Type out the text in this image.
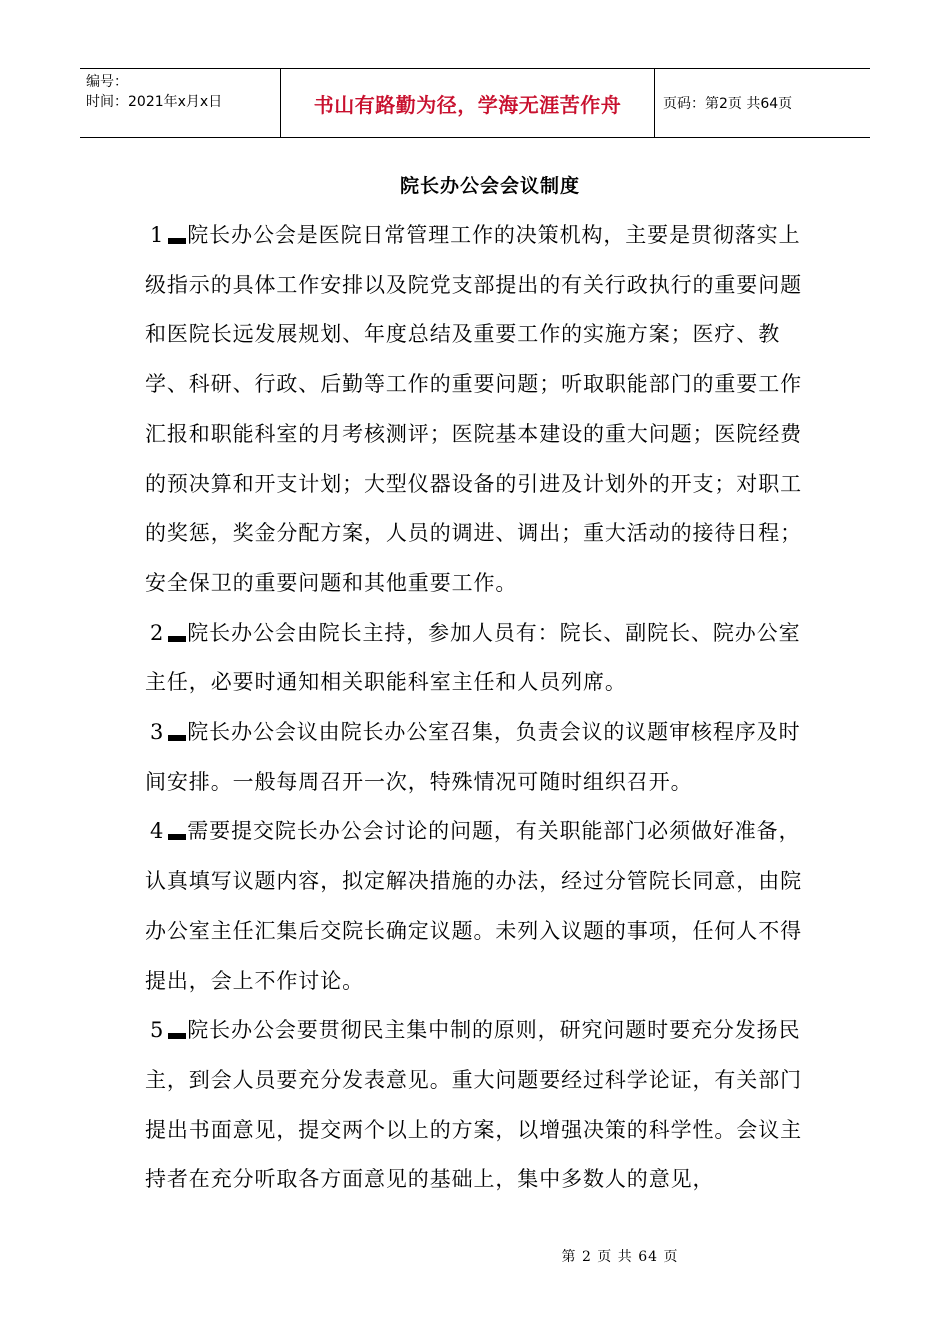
编号：
时间：2021年x月x日	书山有路勤为径，学海无涯苦作舟	页码：第2页 共64页
院长办公会会议制度

1 院长办公会是医院日常管理工作的决策机构，主要是贯彻落实上级指示的具体工作安排以及院党支部提出的有关行政执行的重要问题和医院长远发展规划、年度总结及重要工作的实施方案；医疗、教学、科研、行政、后勤等工作的重要问题；听取职能部门的重要工作汇报和职能科室的月考核测评；医院基本建设的重大问题；医院经费的预决算和开支计划；大型仪器设备的引进及计划外的开支；对职工的奖惩，奖金分配方案，人员的调进、调出；重大活动的接待日程；安全保卫的重要问题和其他重要工作。

2 院长办公会由院长主持，参加人员有：院长、副院长、院办公室主任，必要时通知相关职能科室主任和人员列席。

3 院长办公会议由院长办公室召集，负责会议的议题审核程序及时间安排。一般每周召开一次，特殊情况可随时组织召开。

4 需要提交院长办公会讨论的问题，有关职能部门必须做好准备，认真填写议题内容，拟定解决措施的办法，经过分管院长同意，由院办公室主任汇集后交院长确定议题。未列入议题的事项，任何人不得提出，会上不作讨论。

5 院长办公会要贯彻民主集中制的原则，研究问题时要充分发扬民主，到会人员要充分发表意见。重大问题要经过科学论证，有关部门提出书面意见，提交两个以上的方案，以增强决策的科学性。会议主持者在充分听取各方面意见的基础上，集中多数人的意见，

第 2 页 共 64 页
